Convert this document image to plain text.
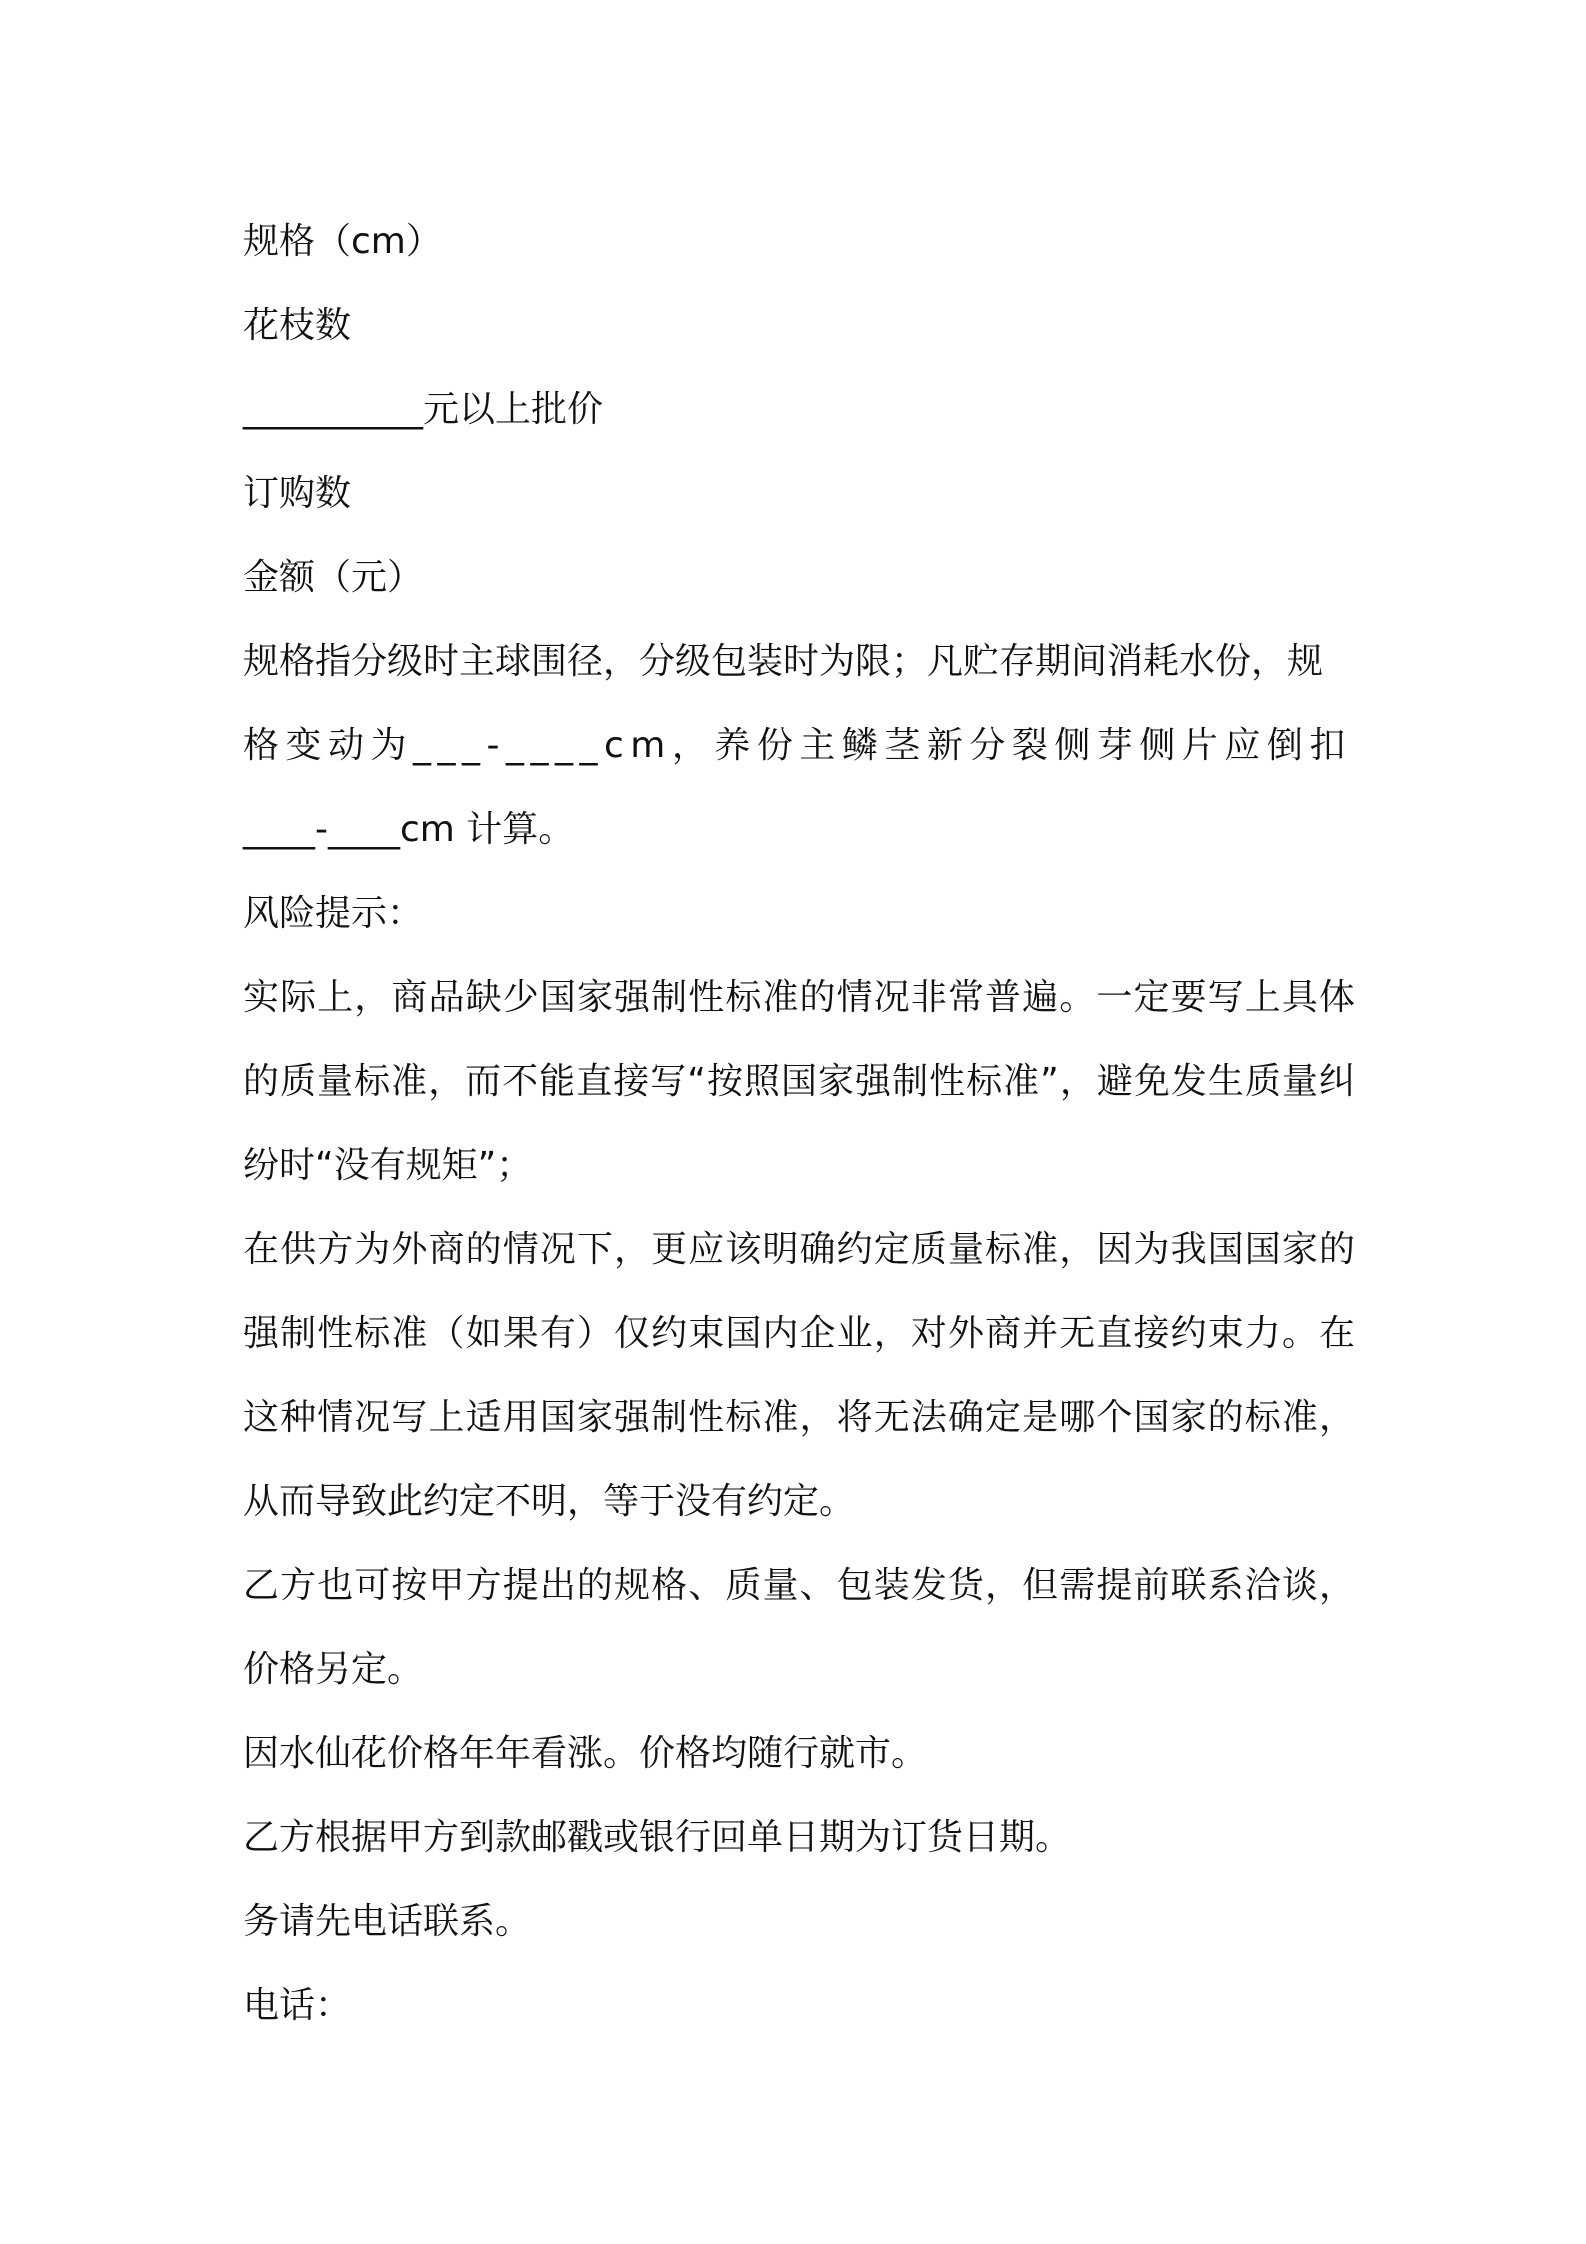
规格（cm）

花枝数

__________元以上批价

订购数

金额（元）

规格指分级时主球围径，分级包装时为限；凡贮存期间消耗水份，规

格变动为___-____cm，养份主鳞茎新分裂侧芽侧片应倒扣

____-____cm 计算。

风险提示：

实际上，商品缺少国家强制性标准的情况非常普遍。一定要写上具体的质量标准，而不能直接写“按照国家强制性标准”，避免发生质量纠纷时“没有规矩”；

在供方为外商的情况下，更应该明确约定质量标准，因为我国国家的强制性标准（如果有）仅约束国内企业，对外商并无直接约束力。在这种情况写上适用国家强制性标准，将无法确定是哪个国家的标准，从而导致此约定不明，等于没有约定。

乙方也可按甲方提出的规格、质量、包装发货，但需提前联系洽谈，价格另定。

因水仙花价格年年看涨。价格均随行就市。

乙方根据甲方到款邮戳或银行回单日期为订货日期。

务请先电话联系。

电话：
